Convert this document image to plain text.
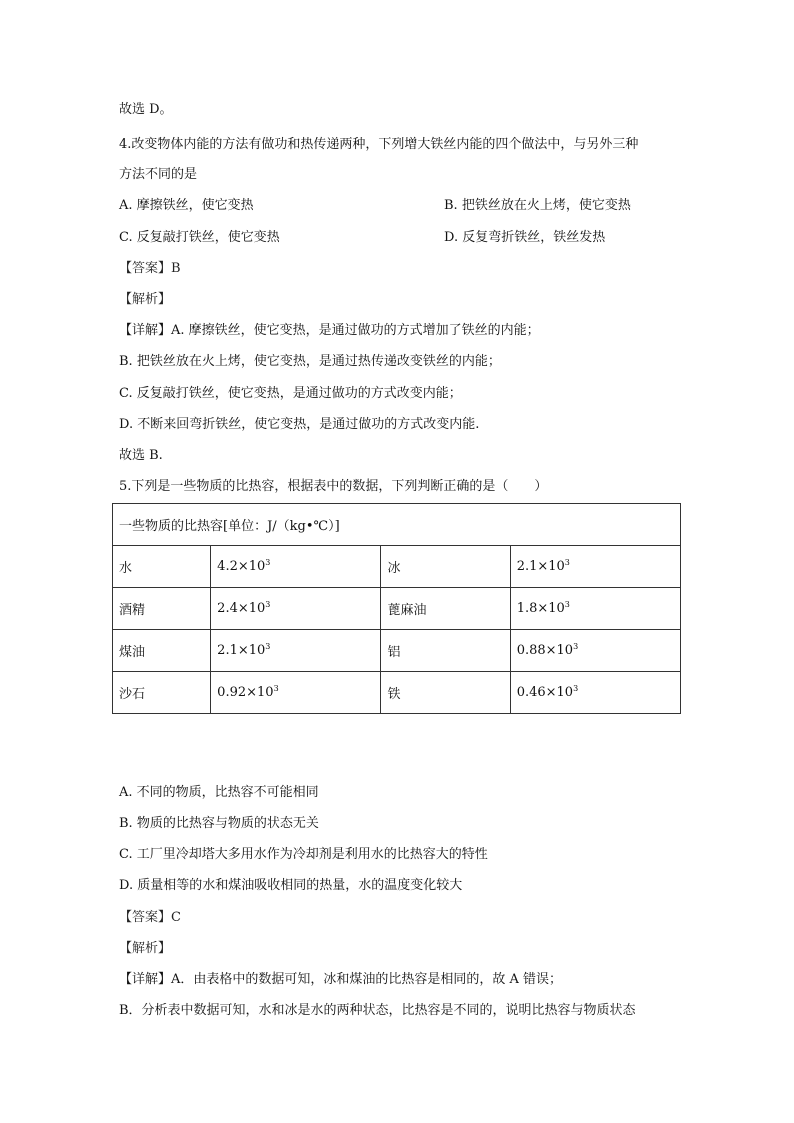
故选 D。
4.改变物体内能的方法有做功和热传递两种，下列增大铁丝内能的四个做法中，与另外三种
方法不同的是
A. 摩擦铁丝，使它变热	B. 把铁丝放在火上烤，使它变热
C. 反复敲打铁丝，使它变热	D. 反复弯折铁丝，铁丝发热
【答案】B
【解析】
【详解】A. 摩擦铁丝，使它变热，是通过做功的方式增加了铁丝的内能；
B. 把铁丝放在火上烤，使它变热，是通过热传递改变铁丝的内能；
C. 反复敲打铁丝，使它变热，是通过做功的方式改变内能；
D. 不断来回弯折铁丝，使它变热，是通过做功的方式改变内能.
故选 B.
5.下列是一些物质的比热容，根据表中的数据，下列判断正确的是（　　）
一些物质的比热容[单位：J/（kg•℃）]			
水	$4.2\times 10^3$	冰	$2.1\times 10^3$
酒精	$2.4\times 10^3$	蓖麻油	$1.8\times 10^3$
煤油	$2.1\times 10^3$	铝	$0.88\times 10^3$
沙石	$0.92\times 10^3$	铁	$0.46\times 10^3$
A. 不同的物质，比热容不可能相同
B. 物质的比热容与物质的状态无关
C. 工厂里冷却塔大多用水作为冷却剂是利用水的比热容大的特性
D. 质量相等的水和煤油吸收相同的热量，水的温度变化较大
【答案】C
【解析】
【详解】A．由表格中的数据可知，冰和煤油的比热容是相同的，故 A 错误；
B．分析表中数据可知，水和冰是水的两种状态，比热容是不同的，说明比热容与物质状态
